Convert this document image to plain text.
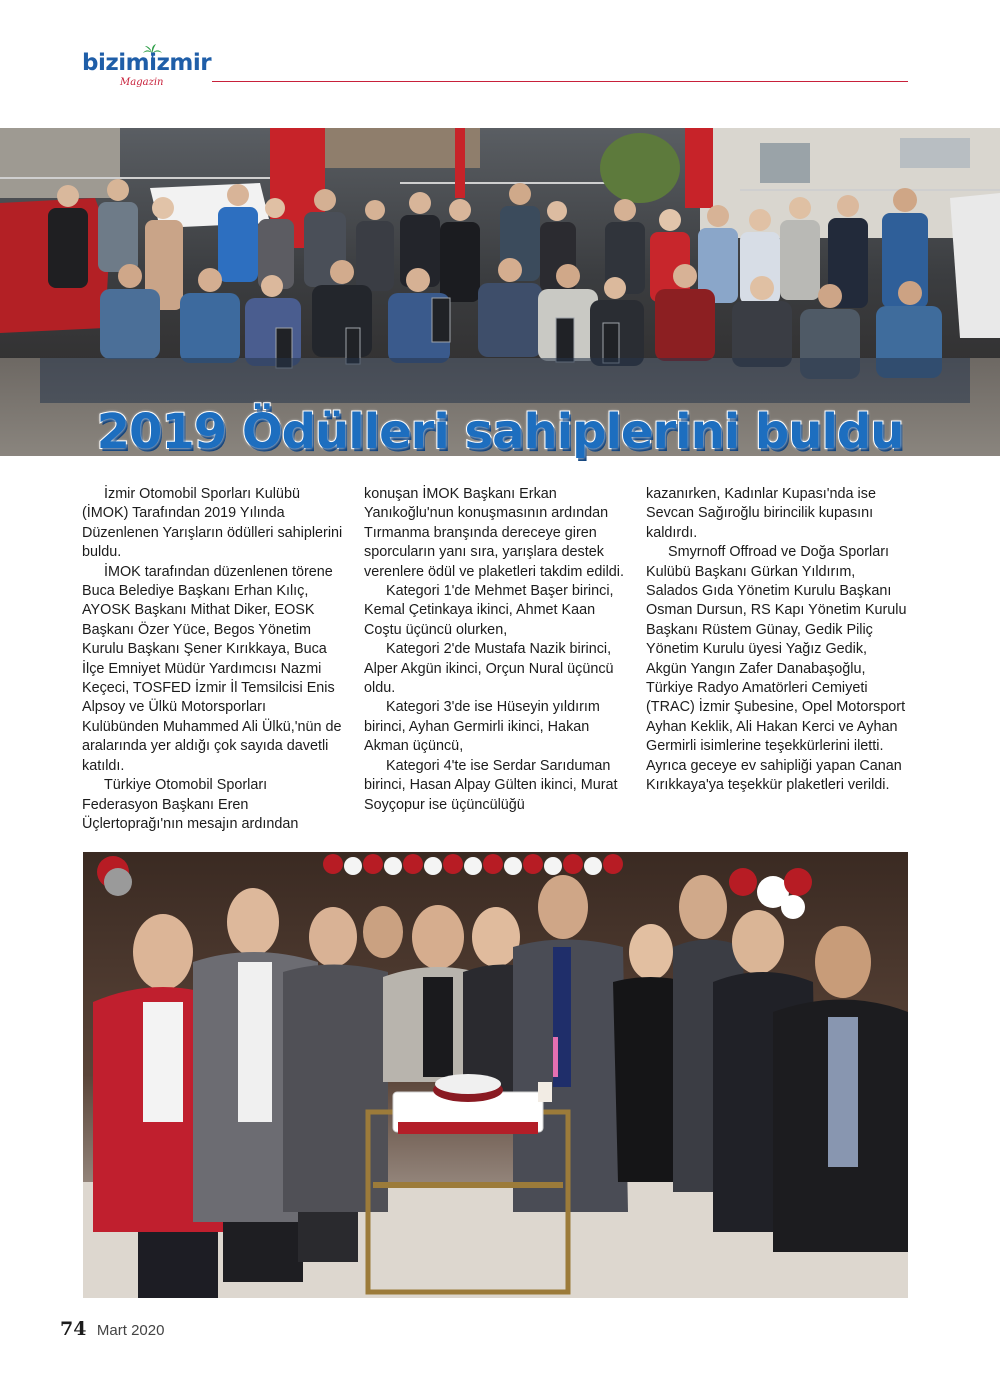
bizimizmir
Magazin
2019 Ödülleri sahiplerini buldu

İzmir Otomobil Sporları Kulübü (İMOK) Tarafından 2019 Yılında Düzenlenen Yarışların ödülleri sahiplerini buldu.

İMOK tarafından düzenlenen törene Buca Belediye Başkanı Erhan Kılıç, AYOSK Başkanı Mithat Diker, EOSK Başkanı Özer Yüce, Begos Yönetim Kurulu Başkanı Şener Kırıkkaya, Buca İlçe Emniyet Müdür Yardımcısı Nazmi Keçeci, TOSFED İzmir İl Temsilcisi Enis Alpsoy ve Ülkü Motorsporları Kulübünden Muhammed Ali Ülkü,'nün de aralarında yer aldığı çok sayıda davetli katıldı.

Türkiye Otomobil Sporları Federasyon Başkanı Eren Üçlertoprağı'nın mesajın ardından

konuşan İMOK Başkanı Erkan Yanıkoğlu'nun konuşmasının ardından Tırmanma branşında dereceye giren sporcuların yanı sıra, yarışlara destek verenlere ödül ve plaketleri takdim edildi.

Kategori 1'de Mehmet Başer birinci, Kemal Çetinkaya ikinci, Ahmet Kaan Coştu üçüncü olurken,

Kategori 2'de Mustafa Nazik birinci, Alper Akgün ikinci, Orçun Nural üçüncü oldu.

Kategori 3'de ise Hüseyin yıldırım birinci, Ayhan Germirli ikinci, Hakan Akman üçüncü,

Kategori 4'te ise Serdar Sarıduman birinci, Hasan Alpay Gülten ikinci, Murat Soyçopur ise üçüncülüğü

kazanırken, Kadınlar Kupası'nda ise Sevcan Sağıroğlu birincilik kupasını kaldırdı.

Smyrnoff Offroad ve Doğa Sporları Kulübü Başkanı Gürkan Yıldırım, Salados Gıda Yönetim Kurulu Başkanı Osman Dursun, RS Kapı Yönetim Kurulu Başkanı Rüstem Günay, Gedik Piliç Yönetim Kurulu üyesi Yağız Gedik, Akgün Yangın Zafer Danabaşoğlu, Türkiye Radyo Amatörleri Cemiyeti (TRAC) İzmir Şubesine, Opel Motorsport Ayhan Keklik, Ali Hakan Kerci ve Ayhan Germirli isimlerine teşekkürlerini iletti. Ayrıca geceye ev sahipliği yapan Canan Kırıkkaya'ya teşekkür plaketleri verildi.

74 Mart 2020
